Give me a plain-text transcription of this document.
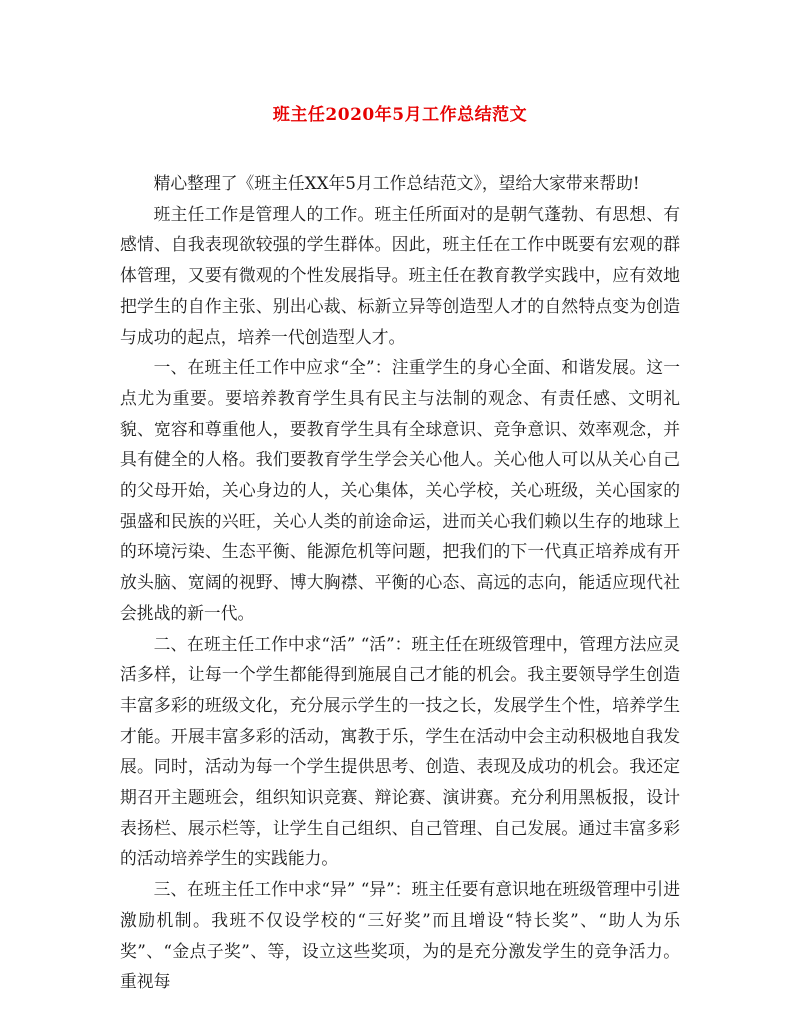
班主任2020年5月工作总结范文

精心整理了《班主任XX年5月工作总结范文》，望给大家带来帮助!

班主任工作是管理人的工作。班主任所面对的是朝气蓬勃、有思想、有感情、自我表现欲较强的学生群体。因此，班主任在工作中既要有宏观的群体管理，又要有微观的个性发展指导。班主任在教育教学实践中，应有效地把学生的自作主张、别出心裁、标新立异等创造型人才的自然特点变为创造与成功的起点，培养一代创造型人才。

一、在班主任工作中应求“全”：注重学生的身心全面、和谐发展。这一点尤为重要。要培养教育学生具有民主与法制的观念、有责任感、文明礼貌、宽容和尊重他人，要教育学生具有全球意识、竞争意识、效率观念，并具有健全的人格。我们要教育学生学会关心他人。关心他人可以从关心自己的父母开始，关心身边的人，关心集体，关心学校，关心班级，关心国家的强盛和民族的兴旺，关心人类的前途命运，进而关心我们赖以生存的地球上的环境污染、生态平衡、能源危机等问题，把我们的下一代真正培养成有开放头脑、宽阔的视野、博大胸襟、平衡的心态、高远的志向，能适应现代社会挑战的新一代。

二、在班主任工作中求“活” “活”：班主任在班级管理中，管理方法应灵活多样，让每一个学生都能得到施展自己才能的机会。我主要领导学生创造丰富多彩的班级文化，充分展示学生的一技之长，发展学生个性，培养学生才能。开展丰富多彩的活动，寓教于乐，学生在活动中会主动积极地自我发展。同时，活动为每一个学生提供思考、创造、表现及成功的机会。我还定期召开主题班会，组织知识竞赛、辩论赛、演讲赛。充分利用黑板报，设计表扬栏、展示栏等，让学生自己组织、自己管理、自己发展。通过丰富多彩的活动培养学生的实践能力。

三、在班主任工作中求“异” “异”：班主任要有意识地在班级管理中引进激励机制。我班不仅设学校的“三好奖”而且增设“特长奖”、“助人为乐奖”、“金点子奖”、等，设立这些奖项，为的是充分激发学生的竞争活力。重视每
